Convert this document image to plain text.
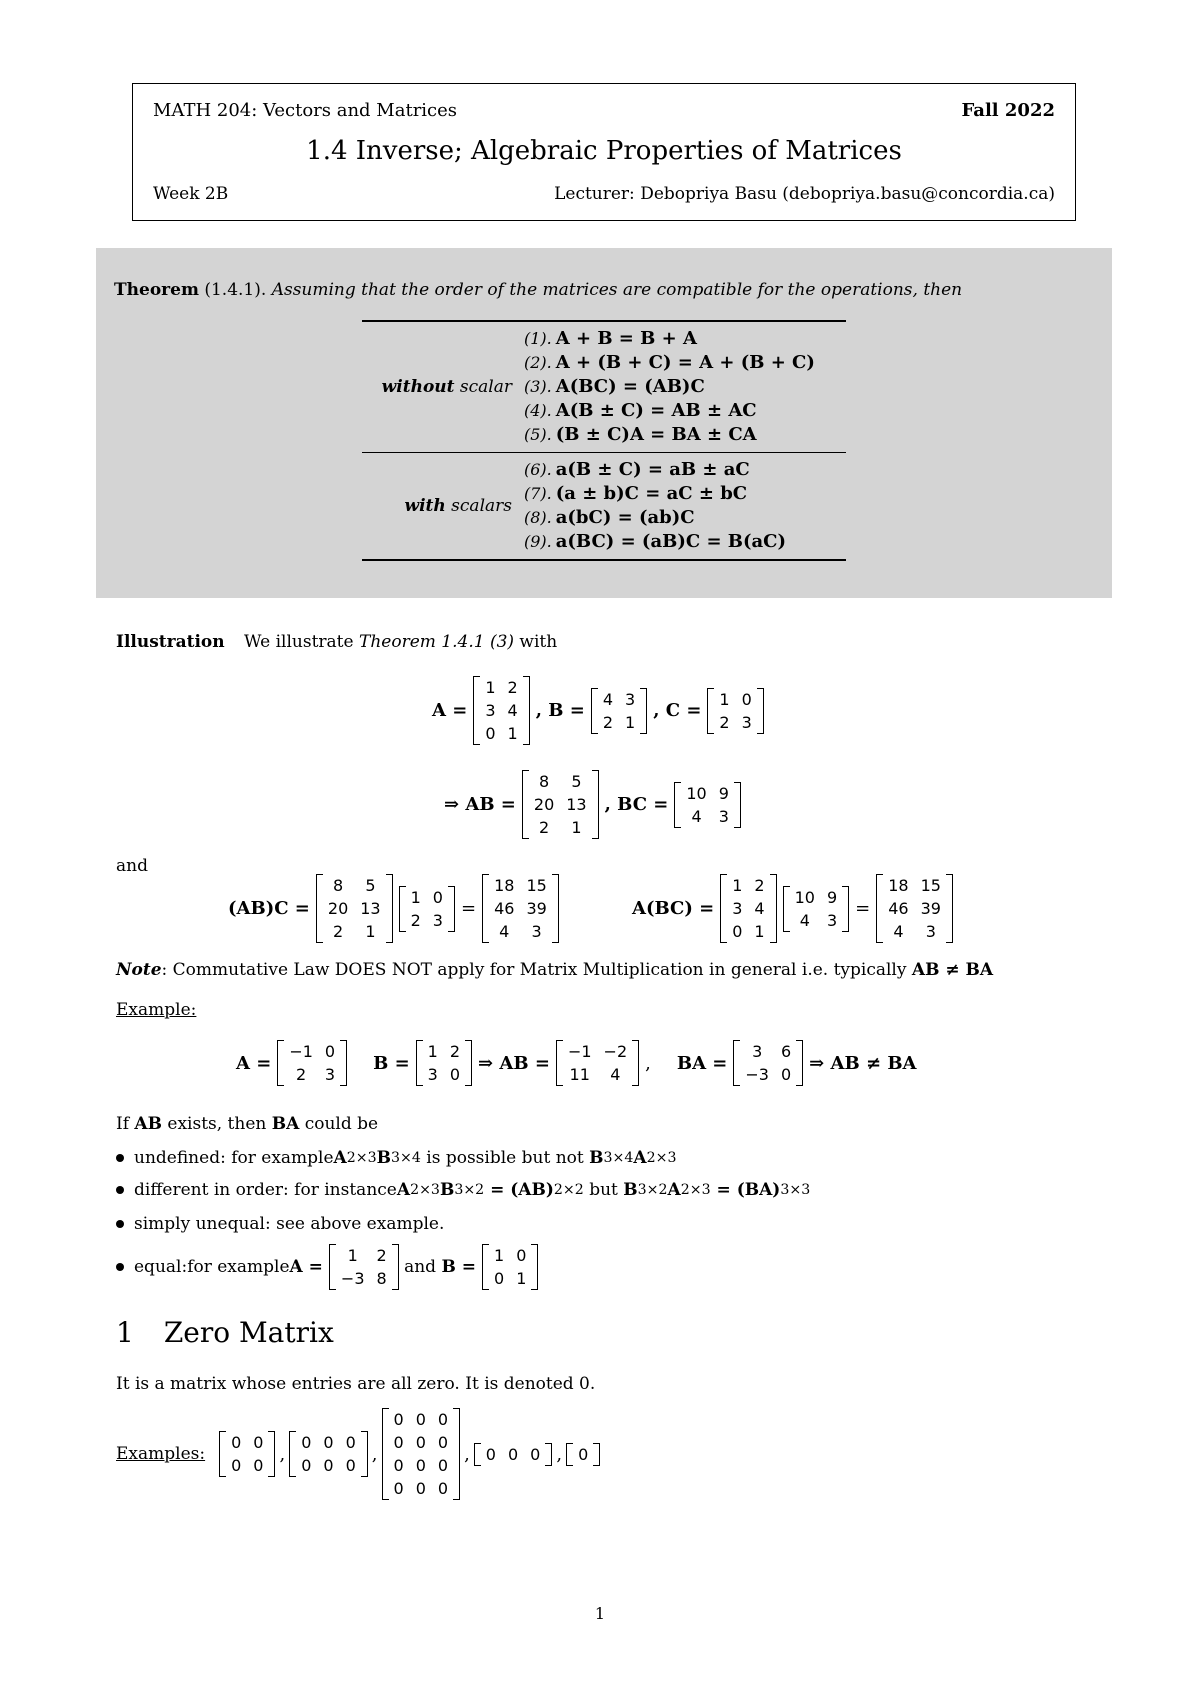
MATH 204: Vectors and Matrices	Fall 2022
1.4 Inverse; Algebraic Properties of Matrices
Week 2B	Lecturer: Debopriya Basu (debopriya.basu@concordia.ca)
Theorem (1.4.1). Assuming that the order of the matrices are compatible for the operations, then
without scalar
(1). A + B = B + A
(2). A + (B + C) = A + (B + C)
(3). A(BC) = (AB)C
(4). A(B ± C) = AB ± AC
(5). (B ± C)A = BA ± CA
with scalars
(6). a(B ± C) = aB ± aC
(7). (a ± b)C = aC ± bC
(8). a(bC) = (ab)C
(9). a(BC) = (aB)C = B(aC)
Illustration We illustrate Theorem 1.4.1 (3) with
A =
1	2
3	4
0	1
, B =
4	3
2	1
, C =
1	0
2	3
⇒ AB =
8	5
20	13
2	1
, BC =
10	9
4	3
and
(AB)C =
8	5
20	13
2	1
1	0
2	3
=
18	15
46	39
4	3
A(BC) =
1	2
3	4
0	1
10	9
4	3
=
18	15
46	39
4	3
Note: Commutative Law DOES NOT apply for Matrix Multiplication in general i.e. typically AB ≠ BA
Example:
A =
−1	0
2	3
B =
1	2
3	0
⇒ AB =
−1	−2
11	4
, BA =
3	6
−3	0
⇒ AB ≠ BA
If AB exists, then BA could be
undefined: for example A 2×3 B 3×4 is possible but not B 3×4 A 2×3
different in order: for instance A 2×3 B 3×2 = (AB) 2×2 but B 3×2 A 2×3 = (BA) 3×3
simply unequal: see above example.
equal:for example A =
1	2
−3	8
and B =
1	0
0	1
1 Zero Matrix
It is a matrix whose entries are all zero. It is denoted 0.
Examples:
0	0
0	0
,
0	0	0
0	0	0
,
0	0	0
0	0	0
0	0	0
0	0	0
, 0	0	0 , 0
1
